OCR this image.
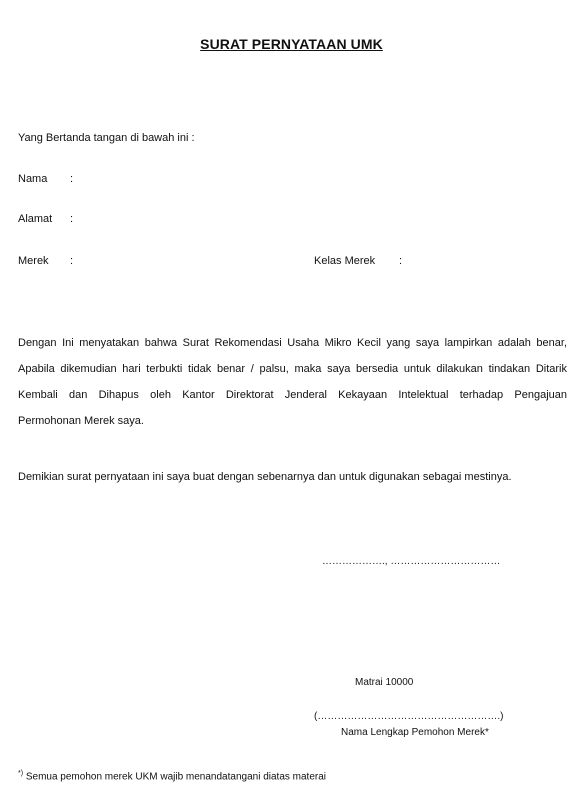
SURAT PERNYATAAN UMK
Yang Bertanda tangan di bawah ini :
Nama :
Alamat :
Merek :	Kelas Merek :
Dengan Ini menyatakan bahwa Surat Rekomendasi Usaha Mikro Kecil yang saya lampirkan adalah benar,
Apabila dikemudian hari terbukti tidak benar / palsu, maka saya bersedia untuk dilakukan tindakan Ditarik
Kembali dan Dihapus oleh Kantor Direktorat Jenderal Kekayaan Intelektual terhadap Pengajuan
Permohonan Merek saya.
Demikian surat pernyataan ini saya buat dengan sebenarnya dan untuk digunakan sebagai mestinya.
………………., ……………………………
Matrai 10000
(……………………………………………….)
Nama Lengkap Pemohon Merek*
*) Semua pemohon merek UKM wajib menandatangani diatas materai
